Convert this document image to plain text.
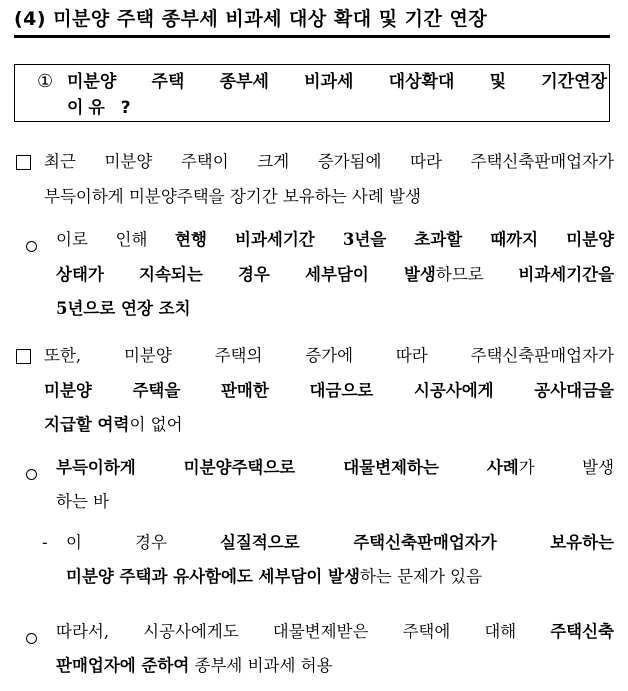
(4) 미분양 주택 종부세 비과세 대상 확대 및 기간 연장
① 미분양 주택 종부세 비과세 대상확대 및 기간연장
이유 ?
최근 미분양 주택이 크게 증가됨에 따라 주택신축판매업자가
부득이하게 미분양주택을 장기간 보유하는 사례 발생
이로 인해 현행 비과세기간 3년을 초과할 때까지 미분양
상태가 지속되는 경우 세부담이 발생하므로 비과세기간을
5년으로 연장 조치
또한, 미분양 주택의 증가에 따라 주택신축판매업자가
미분양 주택을 판매한 대금으로 시공사에게 공사대금을
지급할 여력이 없어
부득이하게 미분양주택으로 대물변제하는 사례가 발생
하는 바
- 이 경우 실질적으로 주택신축판매업자가 보유하는
미분양 주택과 유사함에도 세부담이 발생하는 문제가 있음
따라서, 시공사에게도 대물변제받은 주택에 대해 주택신축
판매업자에 준하여 종부세 비과세 허용
